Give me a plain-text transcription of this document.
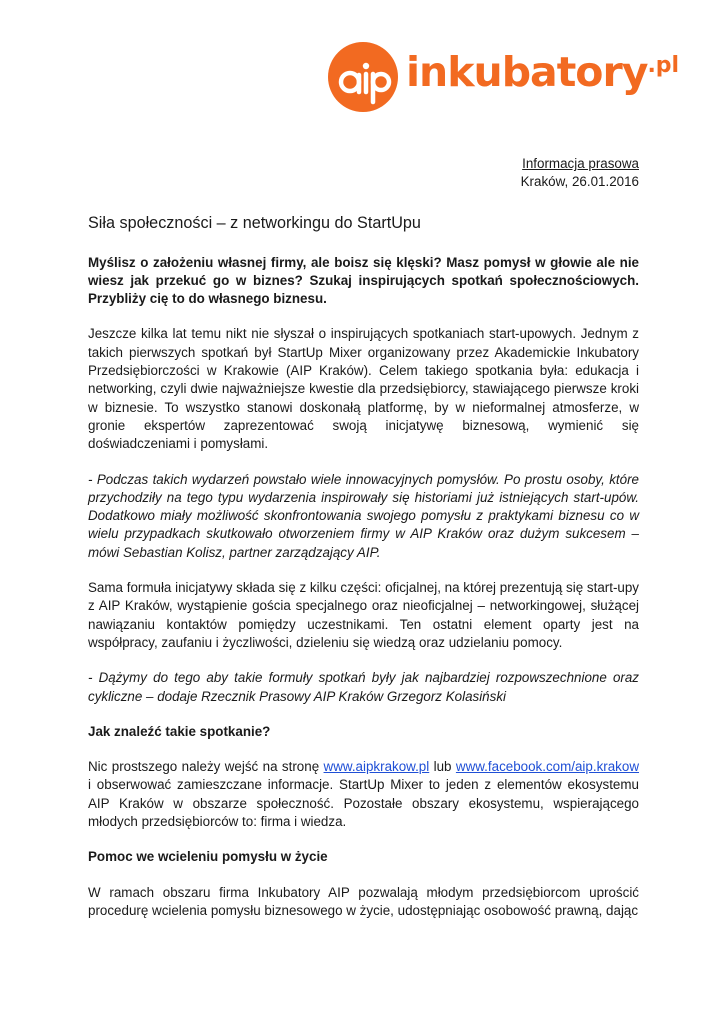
inkubatory$^{.pl}$

Informacja prasowa
Kraków, 26.01.2016

Siła społeczności – z networkingu do StartUpu

Myślisz o założeniu własnej firmy, ale boisz się klęski? Masz pomysł w głowie ale nie wiesz jak przekuć go w biznes? Szukaj inspirujących spotkań społecznościowych. Przybliży cię to do własnego biznesu.

Jeszcze kilka lat temu nikt nie słyszał o inspirujących spotkaniach start-upowych. Jednym z takich pierwszych spotkań był StartUp Mixer organizowany przez Akademickie Inkubatory Przedsiębiorczości w Krakowie (AIP Kraków). Celem takiego spotkania była: edukacja i networking, czyli dwie najważniejsze kwestie dla przedsiębiorcy, stawiającego pierwsze kroki w biznesie. To wszystko stanowi doskonałą platformę, by w nieformalnej atmosferze, w gronie ekspertów zaprezentować swoją inicjatywę biznesową, wymienić się doświadczeniami i pomysłami.

- Podczas takich wydarzeń powstało wiele innowacyjnych pomysłów. Po prostu osoby, które przychodziły na tego typu wydarzenia inspirowały się historiami już istniejących start-upów. Dodatkowo miały możliwość skonfrontowania swojego pomysłu z praktykami biznesu co w wielu przypadkach skutkowało otworzeniem firmy w AIP Kraków oraz dużym sukcesem – mówi Sebastian Kolisz, partner zarządzający AIP.

Sama formuła inicjatywy składa się z kilku części: oficjalnej, na której prezentują się start-upy z AIP Kraków, wystąpienie gościa specjalnego oraz nieoficjalnej – networkingowej, służącej nawiązaniu kontaktów pomiędzy uczestnikami. Ten ostatni element oparty jest na współpracy, zaufaniu i życzliwości, dzieleniu się wiedzą oraz udzielaniu pomocy.

- Dążymy do tego aby takie formuły spotkań były jak najbardziej rozpowszechnione oraz cykliczne – dodaje Rzecznik Prasowy AIP Kraków Grzegorz Kolasiński

Jak znaleźć takie spotkanie?

Nic prostszego należy wejść na stronę www.aipkrakow.pl lub www.facebook.com/aip.krakow i obserwować zamieszczane informacje. StartUp Mixer to jeden z elementów ekosystemu AIP Kraków w obszarze społeczność. Pozostałe obszary ekosystemu, wspierającego młodych przedsiębiorców to: firma i wiedza.

Pomoc we wcieleniu pomysłu w życie

W ramach obszaru firma Inkubatory AIP pozwalają młodym przedsiębiorcom uprościć procedurę wcielenia pomysłu biznesowego w życie, udostępniając osobowość prawną, dając
